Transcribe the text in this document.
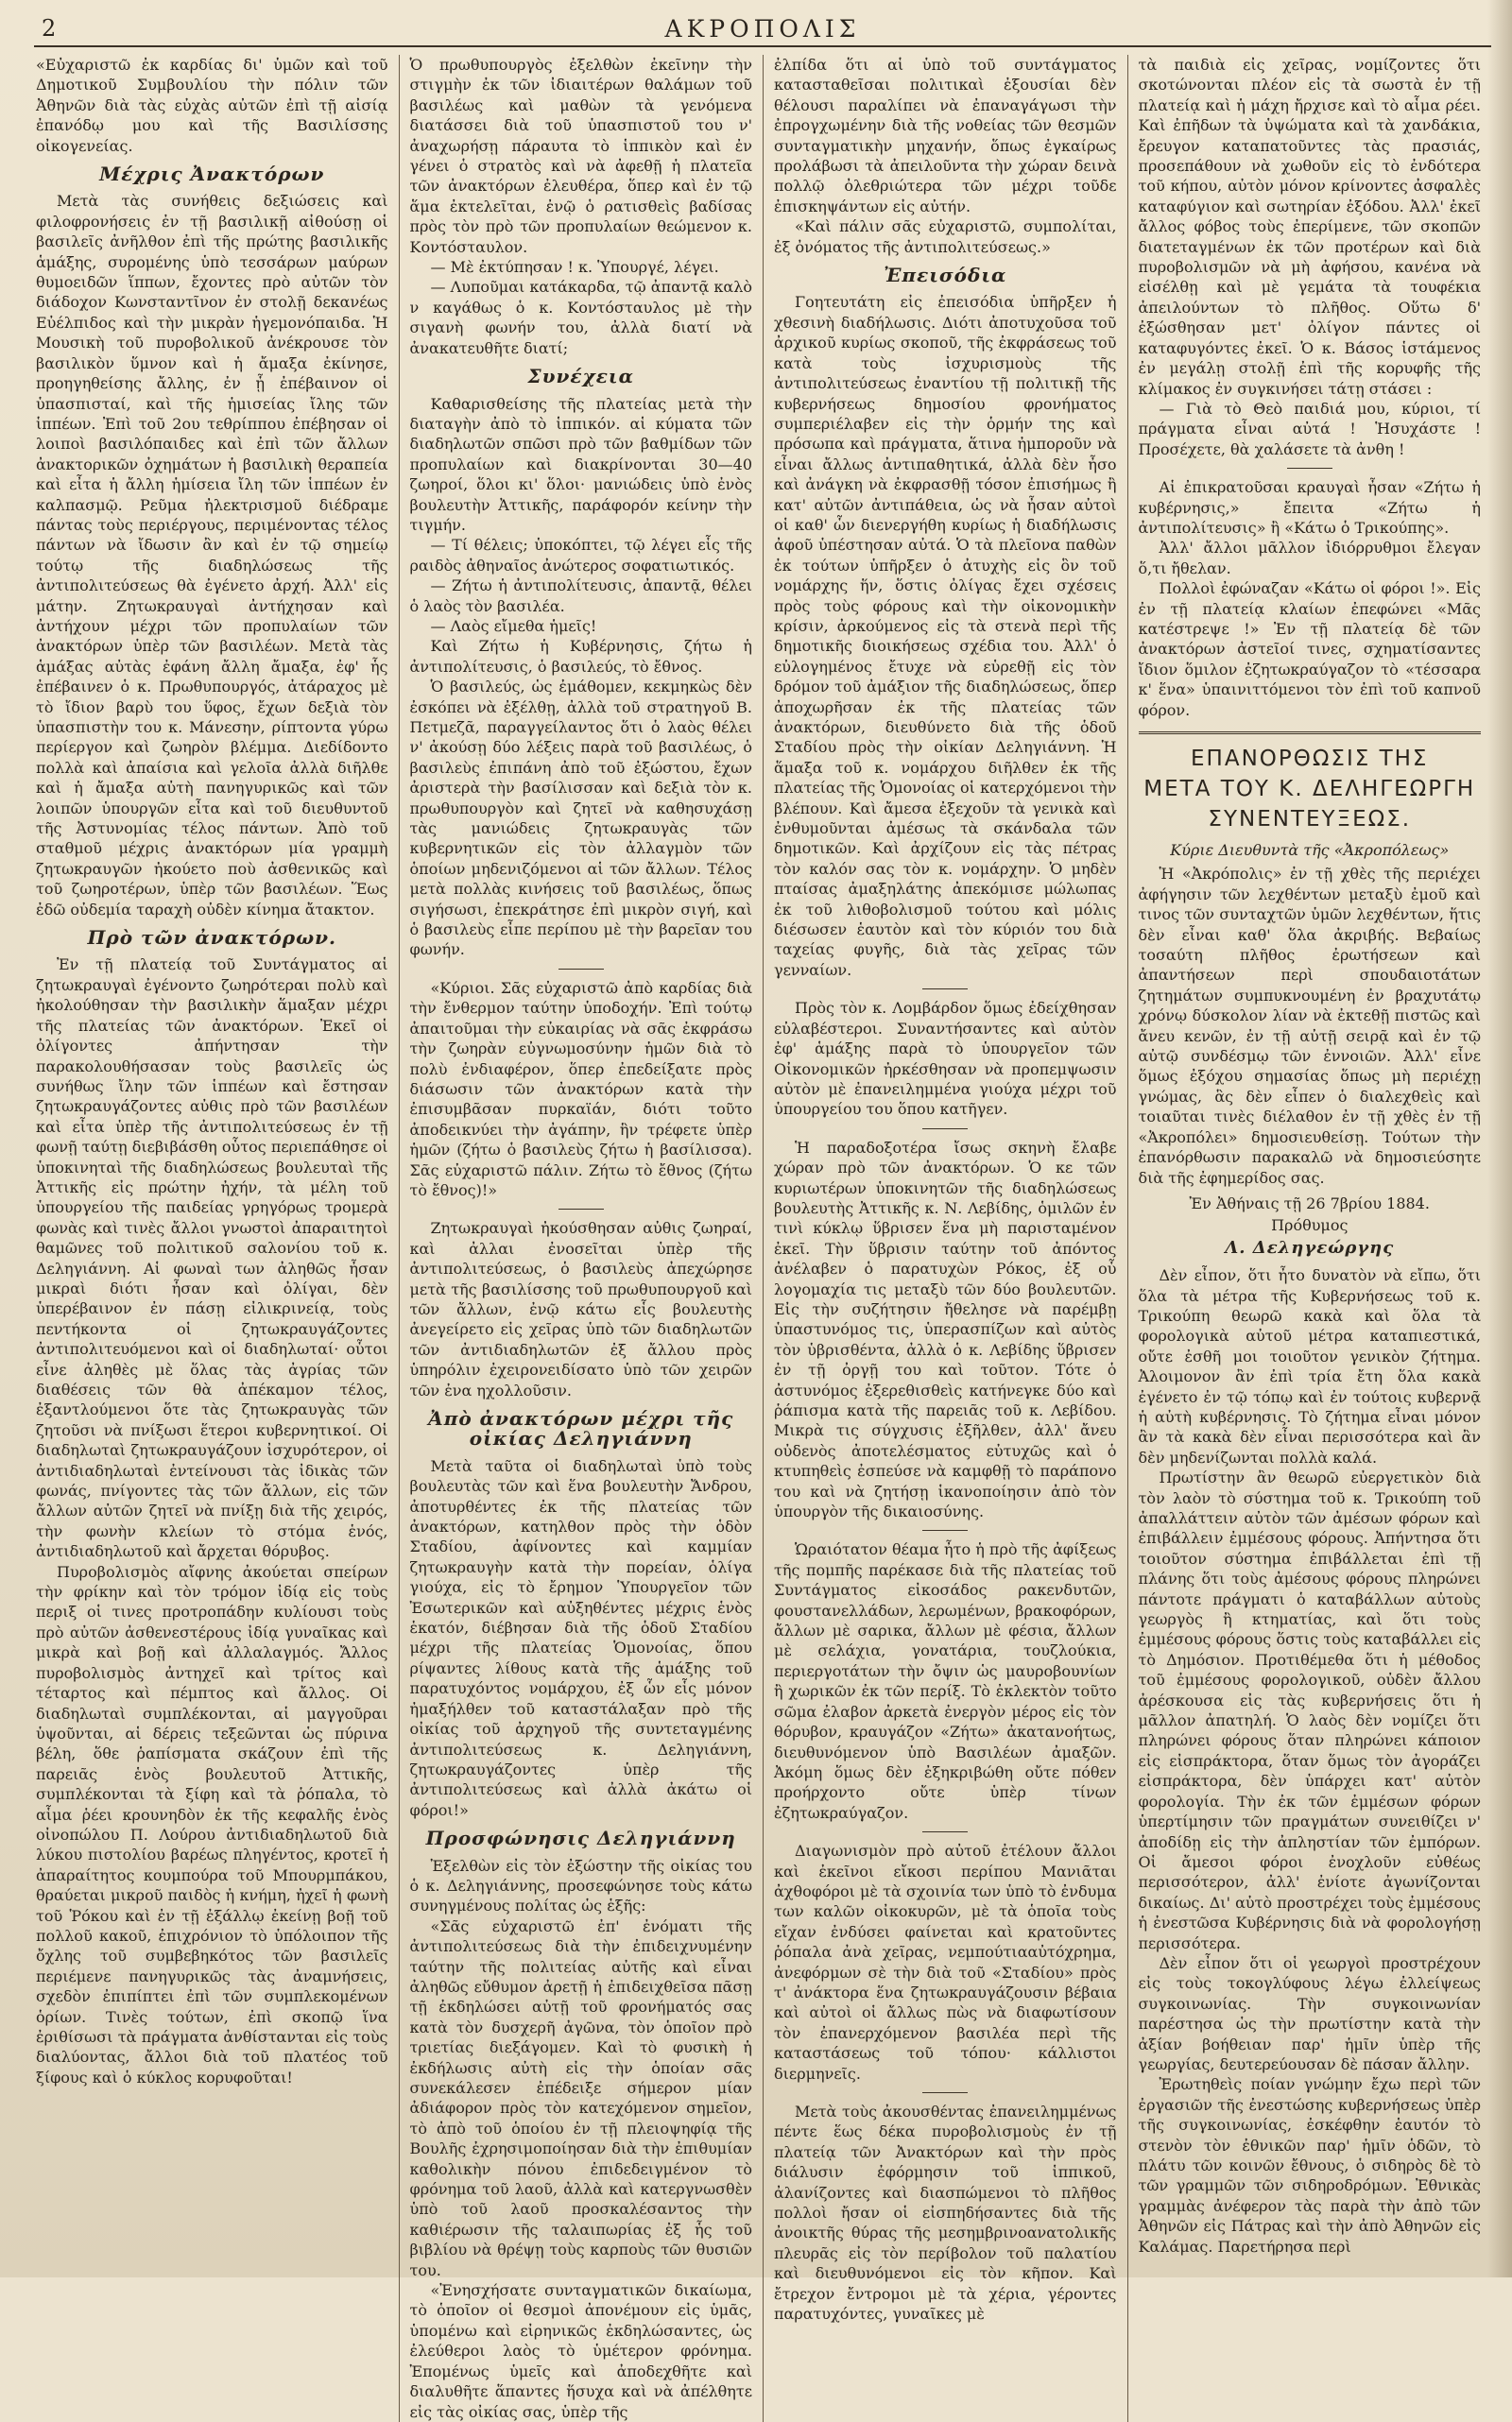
2	ΑΚΡΟΠΟΛΙΣ

«Εὐχαριστῶ ἐκ καρδίας δι' ὑμῶν καὶ τοῦ Δημοτικοῦ Συμβουλίου τὴν πόλιν τῶν Ἀθηνῶν διὰ τὰς εὐχὰς αὐτῶν ἐπὶ τῇ αἰσίᾳ ἐπανόδῳ μου καὶ τῆς Βασιλίσσης οἰκογενείας.

Μέχρις Ἀνακτόρων

Μετὰ τὰς συνήθεις δεξιώσεις καὶ φιλοφρονήσεις ἐν τῇ βασιλικῇ αἰθούσῃ οἱ βασιλεῖς ἀνῆλθον ἐπὶ τῆς πρώτης βασιλικῆς ἁμάξης, συρομένης ὑπὸ τεσσάρων μαύρων θυμοειδῶν ἵππων, ἔχοντες πρὸ αὐτῶν τὸν διάδοχον Κωνσταντῖνον ἐν στολῇ δεκανέως Εὐέλπιδος καὶ τὴν μικρὰν ἡγεμονόπαιδα. Ἡ Μουσικὴ τοῦ πυροβολικοῦ ἀνέκρουσε τὸν βασιλικὸν ὕμνον καὶ ἡ ἄμαξα ἐκίνησε, προηγηθείσης ἄλλης, ἐν ᾗ ἐπέβαινον οἱ ὑπασπισταί, καὶ τῆς ἡμισείας ἴλης τῶν ἱππέων. Ἐπὶ τοῦ 2ου τεθρίππου ἐπέβησαν οἱ λοιποὶ βασιλόπαιδες καὶ ἐπὶ τῶν ἄλλων ἀνακτορικῶν ὀχημάτων ἡ βασιλικὴ θεραπεία καὶ εἶτα ἡ ἄλλη ἡμίσεια ἴλη τῶν ἱππέων ἐν καλπασμῷ. Ρεῦμα ἠλεκτρισμοῦ διέδραμε πάντας τοὺς περιέργους, περιμένοντας τέλος πάντων νὰ ἴδωσιν ἂν καὶ ἐν τῷ σημείῳ τούτῳ τῆς διαδηλώσεως τῆς ἀντιπολιτεύσεως θὰ ἐγένετο ἀρχή. Ἀλλ' εἰς μάτην. Ζητωκραυγαὶ ἀντήχησαν καὶ ἀντήχουν μέχρι τῶν προπυλαίων τῶν ἀνακτόρων ὑπὲρ τῶν βασιλέων. Μετὰ τὰς ἁμάξας αὐτὰς ἐφάνη ἄλλη ἄμαξα, ἐφ' ἧς ἐπέβαινεν ὁ κ. Πρωθυπουργός, ἀτάραχος μὲ τὸ ἴδιον βαρὺ του ὕφος, ἔχων δεξιὰ τὸν ὑπασπιστὴν του κ. Μάνεσην, ρίπτοντα γύρω περίεργον καὶ ζωηρὸν βλέμμα. Διεδίδοντο πολλὰ καὶ ἀπαίσια καὶ γελοῖα ἀλλὰ διῆλθε καὶ ἡ ἄμαξα αὐτὴ πανηγυρικῶς καὶ τῶν λοιπῶν ὑπουργῶν εἶτα καὶ τοῦ διευθυντοῦ τῆς Ἀστυνομίας τέλος πάντων. Ἀπὸ τοῦ σταθμοῦ μέχρις ἀνακτόρων μία γραμμὴ ζητωκραυγῶν ἠκούετο ποὺ ἀσθενικῶς καὶ τοῦ ζωηροτέρων, ὑπὲρ τῶν βασιλέων. Ἕως ἐδῶ οὐδεμία ταραχὴ οὐδὲν κίνημα ἄτακτον.

Πρὸ τῶν ἀνακτόρων.

Ἐν τῇ πλατείᾳ τοῦ Συντάγματος αἱ ζητωκραυγαὶ ἐγένοντο ζωηρότεραι πολὺ καὶ ἠκολούθησαν τὴν βασιλικὴν ἅμαξαν μέχρι τῆς πλατείας τῶν ἀνακτόρων. Ἐκεῖ οἱ ὀλίγοντες ἀπήντησαν τὴν παρακολουθήσασαν τοὺς βασιλεῖς ὡς συνήθως ἴλην τῶν ἱππέων καὶ ἔστησαν ζητωκραυγάζοντες αὐθις πρὸ τῶν βασιλέων καὶ εἶτα ὑπὲρ τῆς ἀντιπολιτεύσεως ἐν τῇ φωνῇ ταύτῃ διεβιβάσθη οὗτος περιεπάθησε οἱ ὑποκινηταὶ τῆς διαδηλώσεως βουλευταὶ τῆς Ἀττικῆς εἰς πρώτην ἠχήν, τὰ μέλη τοῦ ὑπουργείου τῆς παιδείας γρηγόρως τρομερὰ φωνὰς καὶ τινὲς ἄλλοι γνωστοὶ ἀπαραιτητοὶ θαμῶνες τοῦ πολιτικοῦ σαλονίου τοῦ κ. Δεληγιάννη. Αἱ φωναὶ των ἀληθῶς ἦσαν μικραὶ διότι ἦσαν καὶ ὀλίγαι, δὲν ὑπερέβαινον ἐν πάσῃ εἰλικρινείᾳ, τοὺς πεντήκοντα οἱ ζητωκραυγάζοντες ἀντιπολιτευόμενοι καὶ οἱ διαδηλωταί· οὗτοι εἶνε ἀληθὲς μὲ ὅλας τὰς ἀγρίας τῶν διαθέσεις τῶν θὰ ἀπέκαμον τέλος, ἐξαντλούμενοι ὅτε τὰς ζητωκραυγὰς τῶν ζητοῦσι νὰ πνίξωσι ἕτεροι κυβερνητικοί. Οἱ διαδηλωταὶ ζητωκραυγάζουν ἰσχυρότερον, οἱ ἀντιδιαδηλωταὶ ἐντείνουσι τὰς ἰδικὰς τῶν φωνάς, πνίγοντες τὰς τῶν ἄλλων, εἰς τῶν ἄλλων αὐτῶν ζητεῖ νὰ πνίξῃ διὰ τῆς χειρός, τὴν φωνὴν κλείων τὸ στόμα ἑνός, ἀντιδιαδηλωτοῦ καὶ ἄρχεται θόρυβος.

Πυροβολισμὸς αἴφνης ἀκούεται σπείρων τὴν φρίκην καὶ τὸν τρόμον ἰδίᾳ εἰς τοὺς περιξ οἱ τινες προτροπάδην κυλίουσι τοὺς πρὸ αὐτῶν ἀσθενεστέρους ἰδίᾳ γυναῖκας καὶ μικρὰ καὶ βοῇ καὶ ἀλλαλαγμός. Ἄλλος πυροβολισμὸς ἀντηχεῖ καὶ τρίτος καὶ τέταρτος καὶ πέμπτος καὶ ἄλλος. Οἱ διαδηλωταὶ συμπλέκονται, αἱ μαγγοῦραι ὑψοῦνται, αἱ δέρεις τεξεῶνται ὡς πύρινα βέλη, ὅθε ῥαπίσματα σκάζουν ἐπὶ τῆς παρειᾶς ἑνὸς βουλευτοῦ Ἀττικῆς, συμπλέκονται τὰ ξίφη καὶ τὰ ῥόπαλα, τὸ αἷμα ῥέει κρουνηδὸν ἐκ τῆς κεφαλῆς ἑνὸς οἰνοπώλου Π. Λούρου ἀντιδιαδηλωτοῦ διὰ λύκου πιστολίου βαρέως πληγέντος, κροτεῖ ἡ ἀπαραίτητος κουμπούρα τοῦ Μπουρμπάκου, θραύεται μικροῦ παιδὸς ἡ κνήμη, ἠχεῖ ἡ φωνὴ τοῦ Ῥόκου καὶ ἐν τῇ ἐξάλλῳ ἐκείνῃ βοῇ τοῦ πολλοῦ κακοῦ, ἐπιχρόνιον τὸ ὑπόλοιπον τῆς ὄχλης τοῦ συμβεβηκότος τῶν βασιλεῖς περιέμενε πανηγυρικῶς τὰς ἀναμνήσεις, σχεδὸν ἐπιπίπτει ἐπὶ τῶν συμπλεκομένων ὁρίων. Τινὲς τούτων, ἐπὶ σκοπῷ ἵνα ἐριθίσωσι τὰ πράγματα ἀνθίστανται εἰς τοὺς διαλύοντας, ἄλλοι διὰ τοῦ πλατέος τοῦ ξίφους καὶ ὁ κύκλος κορυφοῦται!

Ὁ πρωθυπουργὸς ἐξελθὼν ἐκεῖνην τὴν στιγμὴν ἐκ τῶν ἰδιαιτέρων θαλάμων τοῦ βασιλέως καὶ μαθὼν τὰ γενόμενα διατάσσει διὰ τοῦ ὑπασπιστοῦ του ν' ἀναχωρήσῃ πάραυτα τὸ ἱππικὸν καὶ ἐν γένει ὁ στρατὸς καὶ νὰ ἀφεθῇ ἡ πλατεῖα τῶν ἀνακτόρων ἐλευθέρα, ὅπερ καὶ ἐν τῷ ἅμα ἐκτελεῖται, ἐνῷ ὁ ρατισθεὶς βαδίσας πρὸς τὸν πρὸ τῶν προπυλαίων θεώμενον κ. Κοντόσταυλον.

— Μὲ ἐκτύπησαν ! κ. Ὑπουργέ, λέγει.

— Λυποῦμαι κατάκαρδα, τῷ ἀπαντᾷ καλὸ ν καγάθως ὁ κ. Κοντόσταυλος μὲ τὴν σιγανὴ φωνήν του, ἀλλὰ διατί νὰ ἀνακατευθῆτε διατί;

Συνέχεια

Καθαρισθείσης τῆς πλατείας μετὰ τὴν διαταγὴν ἀπὸ τὸ ἱππικόν. αἱ κύματα τῶν διαδηλωτῶν σπῶσι πρὸ τῶν βαθμίδων τῶν προπυλαίων καὶ διακρίνονται 30—40 ζωηροί, ὅλοι κι' ὅλοι· μανιώδεις ὑπὸ ἐνὸς βουλευτὴν Ἀττικῆς, παράφορόν κείνην τὴν τιγμήν.

— Τί θέλεις; ὑποκόπτει, τῷ λέγει εἷς τῆς ραιδὸς ἀθηναῖος ἀνώτερος σοφατιωτικός.

— Ζήτω ἡ ἀντιπολίτευσις, ἀπαντᾷ, θέλει ὁ λαὸς τὸν βασιλέα.

— Λαὸς εἴμεθα ἡμεῖς!

Καὶ Ζήτω ἡ Κυβέρνησις, ζήτω ἡ ἀντιπολίτευσις, ὁ βασιλεύς, τὸ ἔθνος.

Ὁ βασιλεύς, ὡς ἐμάθομεν, κεκμηκὼς δὲν ἐσκόπει νὰ ἐξέλθῃ, ἀλλὰ τοῦ στρατηγοῦ Β. Πετμεζᾶ, παραγγείλαντος ὅτι ὁ λαὸς θέλει ν' ἀκούσῃ δύο λέξεις παρὰ τοῦ βασιλέως, ὁ βασιλεὺς ἐπιπάνη ἀπὸ τοῦ ἐξώστου, ἔχων ἀριστερὰ τὴν βασίλισσαν καὶ δεξιὰ τὸν κ. πρωθυπουργὸν καὶ ζητεῖ νὰ καθησυχάσῃ τὰς μανιώδεις ζητωκραυγὰς τῶν κυβερνητικῶν εἰς τὸν ἀλλαγμὸν τῶν ὁποίων μηδενιζόμενοι αἱ τῶν ἄλλων. Τέλος μετὰ πολλὰς κινήσεις τοῦ βασιλέως, ὅπως σιγήσωσι, ἐπεκράτησε ἐπὶ μικρὸν σιγή, καὶ ὁ βασιλεὺς εἶπε περίπου μὲ τὴν βαρεῖαν του φωνήν.

«Κύριοι. Σᾶς εὐχαριστῶ ἀπὸ καρδίας διὰ τὴν ἔνθερμον ταύτην ὑποδοχήν. Ἐπὶ τούτῳ ἀπαιτοῦμαι τὴν εὐκαιρίας νὰ σᾶς ἐκφράσω τὴν ζωηρὰν εὐγνωμοσύνην ἡμῶν διὰ τὸ πολὺ ἐνδιαφέρον, ὅπερ ἐπεδείξατε πρὸς διάσωσιν τῶν ἀνακτόρων κατὰ τὴν ἐπισυμβᾶσαν πυρκαϊάν, διότι τοῦτο ἀποδεικνύει τὴν ἀγάπην, ἣν τρέφετε ὑπὲρ ἡμῶν (ζήτω ὁ βασιλεὺς ζήτω ἡ βασίλισσα). Σᾶς εὐχαριστῶ πάλιν. Ζήτω τὸ ἔθνος (ζήτω τὸ ἔθνος)!»

Ζητωκραυγαὶ ἠκούσθησαν αὐθις ζωηραί, καὶ ἀλλαι ἐνοσεῖται ὑπὲρ τῆς ἀντιπολιτεύσεως, ὁ βασιλεὺς ἀπεχώρησε μετὰ τῆς βασιλίσσης τοῦ πρωθυπουργοῦ καὶ τῶν ἄλλων, ἐνῷ κάτω εἷς βουλευτὴς ἀνεγείρετο εἰς χεῖρας ὑπὸ τῶν διαδηλωτῶν τῶν ἀντιδιαδηλωτῶν ἐξ ἄλλου πρὸς ὑπηρόλιν ἐχειρονειδίσατο ὑπὸ τῶν χειρῶν τῶν ἐνα ηχολλοῦσιν.

Ἀπὸ ἀνακτόρων μέχρι τῆς οἰκίας Δεληγιάννη

Μετὰ ταῦτα οἱ διαδηλωταὶ ὑπὸ τοὺς βουλευτὰς τῶν καὶ ἕνα βουλευτὴν Ἄνδρου, ἀποτυρθέντες ἐκ τῆς πλατείας τῶν ἀνακτόρων, κατηλθον πρὸς τὴν ὁδὸν Σταδίου, ἀφίνοντες καὶ καμμίαν ζητωκραυγὴν κατὰ τὴν πορείαν, ὁλίγα γιούχα, εἰς τὸ ἔρημον Ὑπουργεῖον τῶν Ἐσωτερικῶν καὶ αὐξηθέντες μέχρις ἑνὸς ἑκατόν, διέβησαν διὰ τῆς ὁδοῦ Σταδίου μέχρι τῆς πλατείας Ὁμονοίας, ὅπου ρίψαντες λίθους κατὰ τῆς ἁμάξης τοῦ παρατυχόντος νομάρχου, ἐξ ὧν εἷς μόνον ἠμαξήλθεν τοῦ καταστάλαξαν πρὸ τῆς οἰκίας τοῦ ἀρχηγοῦ τῆς συντεταγμένης ἀντιπολιτεύσεως κ. Δεληγιάννη, ζητωκραυγάζοντες ὑπὲρ τῆς ἀντιπολιτεύσεως καὶ ἀλλὰ ἀκάτω οἱ φόροι!»

Προσφώνησις Δεληγιάννη

Ἐξελθὼν εἰς τὸν ἐξώστην τῆς οἰκίας του ὁ κ. Δεληγιάννης, προσεφώνησε τοὺς κάτω συνηγμένους πολίτας ὡς ἑξῆς:

«Σᾶς εὐχαριστῶ ἐπ' ἐνόματι τῆς ἀντιπολιτεύσεως διὰ τὴν ἐπιδειχνυμένην ταύτην τῆς πολιτείας αὐτῆς καὶ εἶναι ἀληθῶς εὔθυμον ἀρετῇ ἡ ἐπιδειχθεῖσα πᾶσῃ τῇ ἐκδηλώσει αὐτῇ τοῦ φρονήματός σας κατὰ τὸν δυσχερῆ ἀγῶνα, τὸν ὁποῖον πρὸ τριετίας διεξάγομεν. Καὶ τὸ φυσικὴ ἡ ἐκδήλωσις αὐτὴ εἰς τὴν ὁποίαν σᾶς συνεκάλεσεν ἐπέδειξε σήμερον μίαν ἀδιάφορον πρὸς τὸν κατεχόμενον σημεῖον, τὸ ἀπὸ τοῦ ὁποίου ἐν τῇ πλειοψηφίᾳ τῆς Βουλῆς ἐχρησιμοποίησαν διὰ τὴν ἐπιθυμίαν καθολικὴν πόνου ἐπιδεδειγμένον τὸ φρόνημα τοῦ λαοῦ, ἀλλὰ καὶ κατεργνωσθὲν ὑπὸ τοῦ λαοῦ προσκαλέσαντος τὴν καθιέρωσιν τῆς ταλαιπωρίας ἐξ ἧς τοῦ βιβλίου νὰ θρέψῃ τοὺς καρποὺς τῶν θυσιῶν του.

«Ἐνησχήσατε συνταγματικῶν δικαίωμα, τὸ ὁποῖον οἱ θεσμοὶ ἀπονέμουν εἰς ὑμᾶς, ὑπομένω καὶ εἰρηνικῶς ἐκδηλώσαντες, ὡς ἐλεύθεροι λαὸς τὸ ὑμέτερον φρόνημα. Ἐπομένως ὑμεῖς καὶ ἀποδεχθῆτε καὶ διαλυθῆτε ἅπαντες ἥσυχα καὶ νὰ ἀπέλθητε εἰς τὰς οἰκίας σας, ὑπὲρ τῆς

ἐλπίδα ὅτι αἱ ὑπὸ τοῦ συντάγματος κατασταθεῖσαι πολιτικαὶ ἐξουσίαι δὲν θέλουσι παραλίπει νὰ ἐπαναγάγωσι τὴν ἐπρογχωμένην διὰ τῆς νοθείας τῶν θεσμῶν συνταγματικὴν μηχανήν, ὅπως ἐγκαίρως προλάβωσι τὰ ἀπειλοῦντα τὴν χώραν δεινὰ πολλῷ ὀλεθριώτερα τῶν μέχρι τοῦδε ἐπισκηψάντων εἰς αὐτήν.

«Καὶ πάλιν σᾶς εὐχαριστῶ, συμπολίται, ἐξ ὀνόματος τῆς ἀντιπολιτεύσεως.»

Ἐπεισόδια

Γοητευτάτη εἰς ἐπεισόδια ὑπῆρξεν ἡ χθεσινὴ διαδήλωσις. Διότι ἀποτυχοῦσα τοῦ ἀρχικοῦ κυρίως σκοποῦ, τῆς ἐκφράσεως τοῦ κατὰ τοὺς ἰσχυρισμοὺς τῆς ἀντιπολιτεύσεως ἐναντίου τῇ πολιτικῇ τῆς κυβερνήσεως δημοσίου φρονήματος συμπεριέλαβεν εἰς τὴν ὁρμήν της καὶ πρόσωπα καὶ πράγματα, ἅτινα ἠμποροῦν νὰ εἶναι ἄλλως ἀντιπαθητικά, ἀλλὰ δὲν ἦσο καὶ ἀνάγκη νὰ ἐκφρασθῇ τόσον ἐπισήμως ἢ κατ' αὐτῶν ἀντιπάθεια, ὡς νὰ ἦσαν αὐτοὶ οἱ καθ' ὧν διενεργήθη κυρίως ἡ διαδήλωσις ἀφοῦ ὑπέστησαν αὐτά. Ὁ τὰ πλεῖονα παθὼν ἐκ τούτων ὑπῆρξεν ὁ ἀτυχὴς εἰς ὃν τοῦ νομάρχης ἥν, ὅστις ὀλίγας ἔχει σχέσεις πρὸς τοὺς φόρους καὶ τὴν οἰκονομικὴν κρίσιν, ἀρκούμενος εἰς τὰ στενὰ περὶ τῆς δημοτικῆς διοικήσεως σχέδια του. Ἀλλ' ὁ εὐλογημένος ἔτυχε νὰ εὑρεθῇ εἰς τὸν δρόμον τοῦ ἀμάξιον τῆς διαδηλώσεως, ὅπερ ἀποχωρῆσαν ἐκ τῆς πλατείας τῶν ἀνακτόρων, διευθύνετο διὰ τῆς ὁδοῦ Σταδίου πρὸς τὴν οἰκίαν Δεληγιάννη. Ἡ ἅμαξα τοῦ κ. νομάρχου διῆλθεν ἐκ τῆς πλατείας τῆς Ὁμονοίας οἱ κατερχόμενοι τὴν βλέπουν. Καὶ ἄμεσα ἐξεχοῦν τὰ γενικὰ καὶ ἐνθυμοῦνται ἀμέσως τὰ σκάνδαλα τῶν δημοτικῶν. Καὶ ἀρχίζουν εἰς τὰς πέτρας τὸν καλόν σας τὸν κ. νομάρχην. Ὁ μηδὲν πταίσας ἀμαξηλάτης ἀπεκόμισε μώλωπας ἐκ τοῦ λιθοβολισμοῦ τούτου καὶ μόλις διέσωσεν ἑαυτὸν καὶ τὸν κύριόν του διὰ ταχείας φυγῆς, διὰ τὰς χεῖρας τῶν γενναίων.

Πρὸς τὸν κ. Λομβάρδον ὅμως ἐδείχθησαν εὐλαβέστεροι. Συναντήσαντες καὶ αὐτὸν ἐφ' ἁμάξης παρὰ τὸ ὑπουργεῖον τῶν Οἰκονομικῶν ἠρκέσθησαν νὰ προπεμψωσιν αὐτὸν μὲ ἐπανειλημμένα γιούχα μέχρι τοῦ ὑπουργείου του ὅπου κατῆγεν.

Ἡ παραδοξοτέρα ἴσως σκηνὴ ἔλαβε χώραν πρὸ τῶν ἀνακτόρων. Ὁ κε τῶν κυριωτέρων ὑποκινητῶν τῆς διαδηλώσεως βουλευτὴς Ἀττικῆς κ. Ν. Λεβίδης, ὁμιλῶν ἐν τινὶ κύκλῳ ὕβρισεν ἕνα μὴ παρισταμένον ἐκεῖ. Τὴν ὕβρισιν ταύτην τοῦ ἀπόντος ἀνέλαβεν ὁ παρατυχὼν Ρόκος, ἐξ οὗ λογομαχία τις μεταξὺ τῶν δύο βουλευτῶν. Εἰς τὴν συζήτησιν ἤθελησε νὰ παρέμβῃ ὑπαστυνόμος τις, ὑπερασπίζων καὶ αὐτὸς τὸν ὑβρισθέντα, ἀλλὰ ὁ κ. Λεβίδης ὕβρισεν ἐν τῇ ὀργῇ του καὶ τοῦτον. Τότε ὁ ἀστυνόμος ἐξερεθισθεὶς κατήνεγκε δύο καὶ ῥάπισμα κατὰ τῆς παρειᾶς τοῦ κ. Λεβίδου. Μικρὰ τις σύγχυσις ἐξῆλθεν, ἀλλ' ἄνευ οὐδενὸς ἀποτελέσματος εὐτυχῶς καὶ ὁ κτυπηθεὶς ἐσπεύσε νὰ καμφθῇ τὸ παράπονο του καὶ νὰ ζητήσῃ ἱκανοποίησιν ἀπὸ τὸν ὑπουργὸν τῆς δικαιοσύνης.

Ὡραιότατον θέαμα ἦτο ἡ πρὸ τῆς ἀφίξεως τῆς πομπῆς παρέκασε διὰ τῆς πλατείας τοῦ Συντάγματος εἰκοσάδος ρακενδυτῶν, φουστανελλάδων, λερωμένων, βρακοφόρων, ἄλλων μὲ σαρικα, ἄλλων μὲ φέσια, ἄλλων μὲ σελάχια, γονατάρια, τουζλούκια, περιεργοτάτων τὴν ὄψιν ὡς μαυροβουνίων ἢ χωρικῶν ἐκ τῶν περίξ. Τὸ ἐκλεκτὸν τοῦτο σῶμα ἐλαβον ἀρκετὰ ἐνεργὸν μέρος εἰς τὸν θόρυβον, κραυγάζον «Ζήτω» ἀκατανοήτως, διευθυνόμενον ὑπὸ Βασιλέων ἀμαξῶν. Ἀκόμη ὅμως δὲν ἐξηκριβώθη οὔτε πόθεν προήρχοντο οὔτε ὑπὲρ τίνων ἐζητωκραύγαζον.

Διαγωνισμὸν πρὸ αὐτοῦ ἐτέλουν ἄλλοι καὶ ἐκεῖνοι εἴκοσι περίπου Μανιᾶται ἀχθοφόροι μὲ τὰ σχοινία των ὑπὸ τὸ ἐνδυμα των καλῶν οἰκοκυρῶν, μὲ τὰ ὁποῖα τοὺς εἴχαν ἐνδύσει φαίνεται καὶ κρατοῦντες ῥόπαλα ἀνὰ χεῖρας, νεμπούτιααὐτόχρημα, ἀνεφόρμων σὲ τὴν διὰ τοῦ «Σταδίου» πρὸς τ' ἀνάκτορα ἕνα ζητωκραυγάζουσιν βέβαια καὶ αὐτοὶ οἱ ἄλλως πὼς νὰ διαφωτίσουν τὸν ἐπανερχόμενον βασιλέα περὶ τῆς καταστάσεως τοῦ τόπου· κάλλιστοι διερμηνεῖς.

Μετὰ τοὺς ἀκουσθέντας ἐπανειλημμένως πέντε ἕως δέκα πυροβολισμοὺς ἐν τῇ πλατείᾳ τῶν Ἀνακτόρων καὶ τὴν πρὸς διάλυσιν ἐφόρμησιν τοῦ ἱππικοῦ, ἀλανίζοντες καὶ διασπώμενοι τὸ πλῆθος πολλοὶ ἤσαν οἱ εἰσπηδήσαντες διὰ τῆς ἀνοικτῆς θύρας τῆς μεσημβρινοανατολικῆς πλευρᾶς εἰς τὸν περίβολον τοῦ παλατίου καὶ διευθυνόμενοι εἰς τὸν κῆπον. Καὶ ἔτρεχον ἔντρομοι μὲ τὰ χέρια, γέροντες παρατυχόντες, γυναῖκες μὲ

τὰ παιδιὰ εἰς χεῖρας, νομίζοντες ὅτι σκοτώνονται πλέον εἰς τὰ σωστὰ ἐν τῇ πλατείᾳ καὶ ἡ μάχη ἤρχισε καὶ τὸ αἷμα ρέει. Καὶ ἐπῆδων τὰ ὑψώματα καὶ τὰ χανδάκια, ἔρευγον καταπατοῦντες τὰς πρασιάς, προσεπάθουν νὰ χωθοῦν εἰς τὸ ἐνδότερα τοῦ κήπου, αὐτὸν μόνον κρίνοντες ἀσφαλὲς καταφύγιον καὶ σωτηρίαν ἐξόδου. Ἀλλ' ἐκεῖ ἄλλος φόβος τοὺς ἐπερίμενε, τῶν σκοπῶν διατεταγμένων ἐκ τῶν προτέρων καὶ διὰ πυροβολισμῶν νὰ μὴ ἀφήσου, κανένα νὰ εἰσέλθῃ καὶ μὲ γεμάτα τὰ τουφέκια ἀπειλούντων τὸ πλῆθος. Οὕτω δ' ἐξώσθησαν μετ' ὀλίγον πάντες οἱ καταφυγόντες ἐκεῖ. Ὁ κ. Βάσος ἱστάμενος ἐν μεγάλῃ στολῇ ἐπὶ τῆς κορυφῆς τῆς κλίμακος ἐν συγκινήσει τάτῃ στάσει :

— Γιὰ τὸ Θεὸ παιδιά μου, κύριοι, τί πράγματα εἶναι αὐτά ! Ἡσυχάστε ! Προσέχετε, θὰ χαλάσετε τὰ ἀνθη !

Αἱ ἐπικρατοῦσαι κραυγαὶ ἦσαν «Ζήτω ἡ κυβέρνησις,» ἔπειτα «Ζήτω ἡ ἀντιπολίτευσις» ἢ «Κάτω ὁ Τρικούπης».

Ἀλλ' ἄλλοι μᾶλλον ἰδιόρρυθμοι ἔλεγαν ὅ,τι ἤθελαν.

Πολλοὶ ἐφώναζαν «Κάτω οἱ φόροι !». Εἰς ἐν τῇ πλατείᾳ κλαίων ἐπεφώνει «Μᾶς κατέστρεψε !» Ἐν τῇ πλατείᾳ δὲ τῶν ἀνακτόρων ἀστεῖοί τινες, σχηματίσαντες ἴδιον ὅμιλον ἐζητωκραύγαζον τὸ «τέσσαρα κ' ἕνα» ὑπαινιττόμενοι τὸν ἐπὶ τοῦ καπνοῦ φόρον.

ΕΠΑΝΟΡΘΩΣΙΣ ΤΗΣ
ΜΕΤΑ ΤΟΥ Κ. ΔΕΛΗΓΕΩΡΓΗ
ΣΥΝΕΝΤΕΥΞΕΩΣ.
Κύριε Διευθυντὰ τῆς «Ἀκροπόλεως»

Ἡ «Ἀκρόπολις» ἐν τῇ χθὲς τῆς περιέχει ἀφήγησιν τῶν λεχθέντων μεταξὺ ἐμοῦ καὶ τινος τῶν συνταχτῶν ὑμῶν λεχθέντων, ἥτις δὲν εἶναι καθ' ὅλα ἀκριβής. Βεβαίως τοσαύτη πλῆθος ἐρωτήσεων καὶ ἀπαντήσεων περὶ σπουδαιοτάτων ζητημάτων συμπυκνουμένη ἐν βραχυτάτῳ χρόνῳ δύσκολον λίαν νὰ ἐκτεθῇ πιστῶς καὶ ἄνευ κενῶν, ἐν τῇ αὐτῇ σειρᾷ καὶ ἐν τῷ αὐτῷ συνδέσμῳ τῶν ἐννοιῶν. Ἀλλ' εἶνε ὅμως ἐξόχου σημασίας ὅπως μὴ περιέχῃ γνώμας, ἃς δὲν εἶπεν ὁ διαλεχθεὶς καὶ τοιαῦται τινὲς διέλαθον ἐν τῇ χθὲς ἐν τῇ «Ἀκροπόλει» δημοσιευθείσῃ. Τούτων τὴν ἐπανόρθωσιν παρακαλῶ νὰ δημοσιεύσητε διὰ τῆς ἐφημερίδος σας.

Ἐν Ἀθήναις τῇ 26 7βρίου 1884.
Πρόθυμος
Λ. Δεληγεώργης

Δὲν εἶπον, ὅτι ἦτο δυνατὸν νὰ εἴπω, ὅτι ὅλα τὰ μέτρα τῆς Κυβερνήσεως τοῦ κ. Τρικούπη θεωρῶ κακὰ καὶ ὅλα τὰ φορολογικὰ αὐτοῦ μέτρα καταπιεστικά, οὔτε ἐσθῆ μοι τοιοῦτον γενικὸν ζήτημα. Ἀλοιμονον ἂν ἐπὶ τρία ἔτη ὅλα κακὰ ἐγένετο ἐν τῷ τόπῳ καὶ ἐν τούτοις κυβερνᾷ ἡ αὐτὴ κυβέρνησις. Τὸ ζήτημα εἶναι μόνον ἂν τὰ κακὰ δὲν εἶναι περισσότερα καὶ ἂν δὲν μηδενίζωνται πολλὰ καλά.

Πρωτίστην ἂν θεωρῶ εὐεργετικὸν διὰ τὸν λαὸν τὸ σύστημα τοῦ κ. Τρικούπη τοῦ ἀπαλλάττειν αὐτὸν τῶν ἀμέσων φόρων καὶ ἐπιβάλλειν ἐμμέσους φόρους. Ἀπήντησα ὅτι τοιοῦτον σύστημα ἐπιβάλλεται ἐπὶ τῇ πλάνης ὅτι τοὺς ἀμέσους φόρους πληρώνει πάντοτε πράγματι ὁ καταβάλλων αὐτοὺς γεωργὸς ἢ κτηματίας, καὶ ὅτι τοὺς ἐμμέσους φόρους ὅστις τοὺς καταβάλλει εἰς τὸ Δημόσιον. Προτιθέμεθα ὅτι ἡ μέθοδος τοῦ ἐμμέσους φορολογικοῦ, οὐδὲν ἄλλου ἀρέσκουσα εἰς τὰς κυβερνήσεις ὅτι ἡ μᾶλλον ἀπατηλή. Ὁ λαὸς δὲν νομίζει ὅτι πληρώνει φόρους ὅταν πληρώνει κάποιον εἰς εἰσπράκτορα, ὅταν ὅμως τὸν ἀγοράζει εἰσπράκτορα, δὲν ὑπάρχει κατ' αὐτὸν φορολογία. Τὴν ἐκ τῶν ἐμμέσων φόρων ὑπερτίμησιν τῶν πραγμάτων συνειθίζει ν' ἀποδίδῃ εἰς τὴν ἀπληστίαν τῶν ἐμπόρων. Οἱ ἄμεσοι φόροι ἐνοχλοῦν εὐθέως περισσότερον, ἀλλ' ἐνίοτε ἀγωνίζονται δικαίως. Δι' αὐτὸ προστρέχει τοὺς ἐμμέσους ἡ ἐνεστῶσα Κυβέρνησις διὰ νὰ φορολογήσῃ περισσότερα.

Δὲν εἶπον ὅτι οἱ γεωργοὶ προστρέχουν εἰς τοὺς τοκογλύφους λέγω ἐλλείψεως συγκοινωνίας. Τὴν συγκοινωνίαν παρέστησα ὡς τὴν πρωτίστην κατὰ τὴν ἀξίαν βοήθειαν παρ' ἡμῖν ὑπὲρ τῆς γεωργίας, δευτερεύουσαν δὲ πάσαν ἄλλην.

Ἐρωτηθεὶς ποίαν γνώμην ἔχω περὶ τῶν ἐργασιῶν τῆς ἐνεστώσης κυβερνήσεως ὑπὲρ τῆς συγκοινωνίας, ἐσκέφθην ἑαυτόν τὸ στενὸν τὸν ἐθνικῶν παρ' ἡμῖν ὁδῶν, τὸ πλάτυ τῶν κοινῶν ἔθνους, ὁ σιδηρὸς δὲ τὸ τῶν γραμμῶν τῶν σιδηροδρόμων. Ἐθνικὰς γραμμὰς ἀνέφερον τὰς παρὰ τὴν ἀπὸ τῶν Ἀθηνῶν εἰς Πάτρας καὶ τὴν ἀπὸ Ἀθηνῶν εἰς Καλάμας. Παρετήρησα περὶ
